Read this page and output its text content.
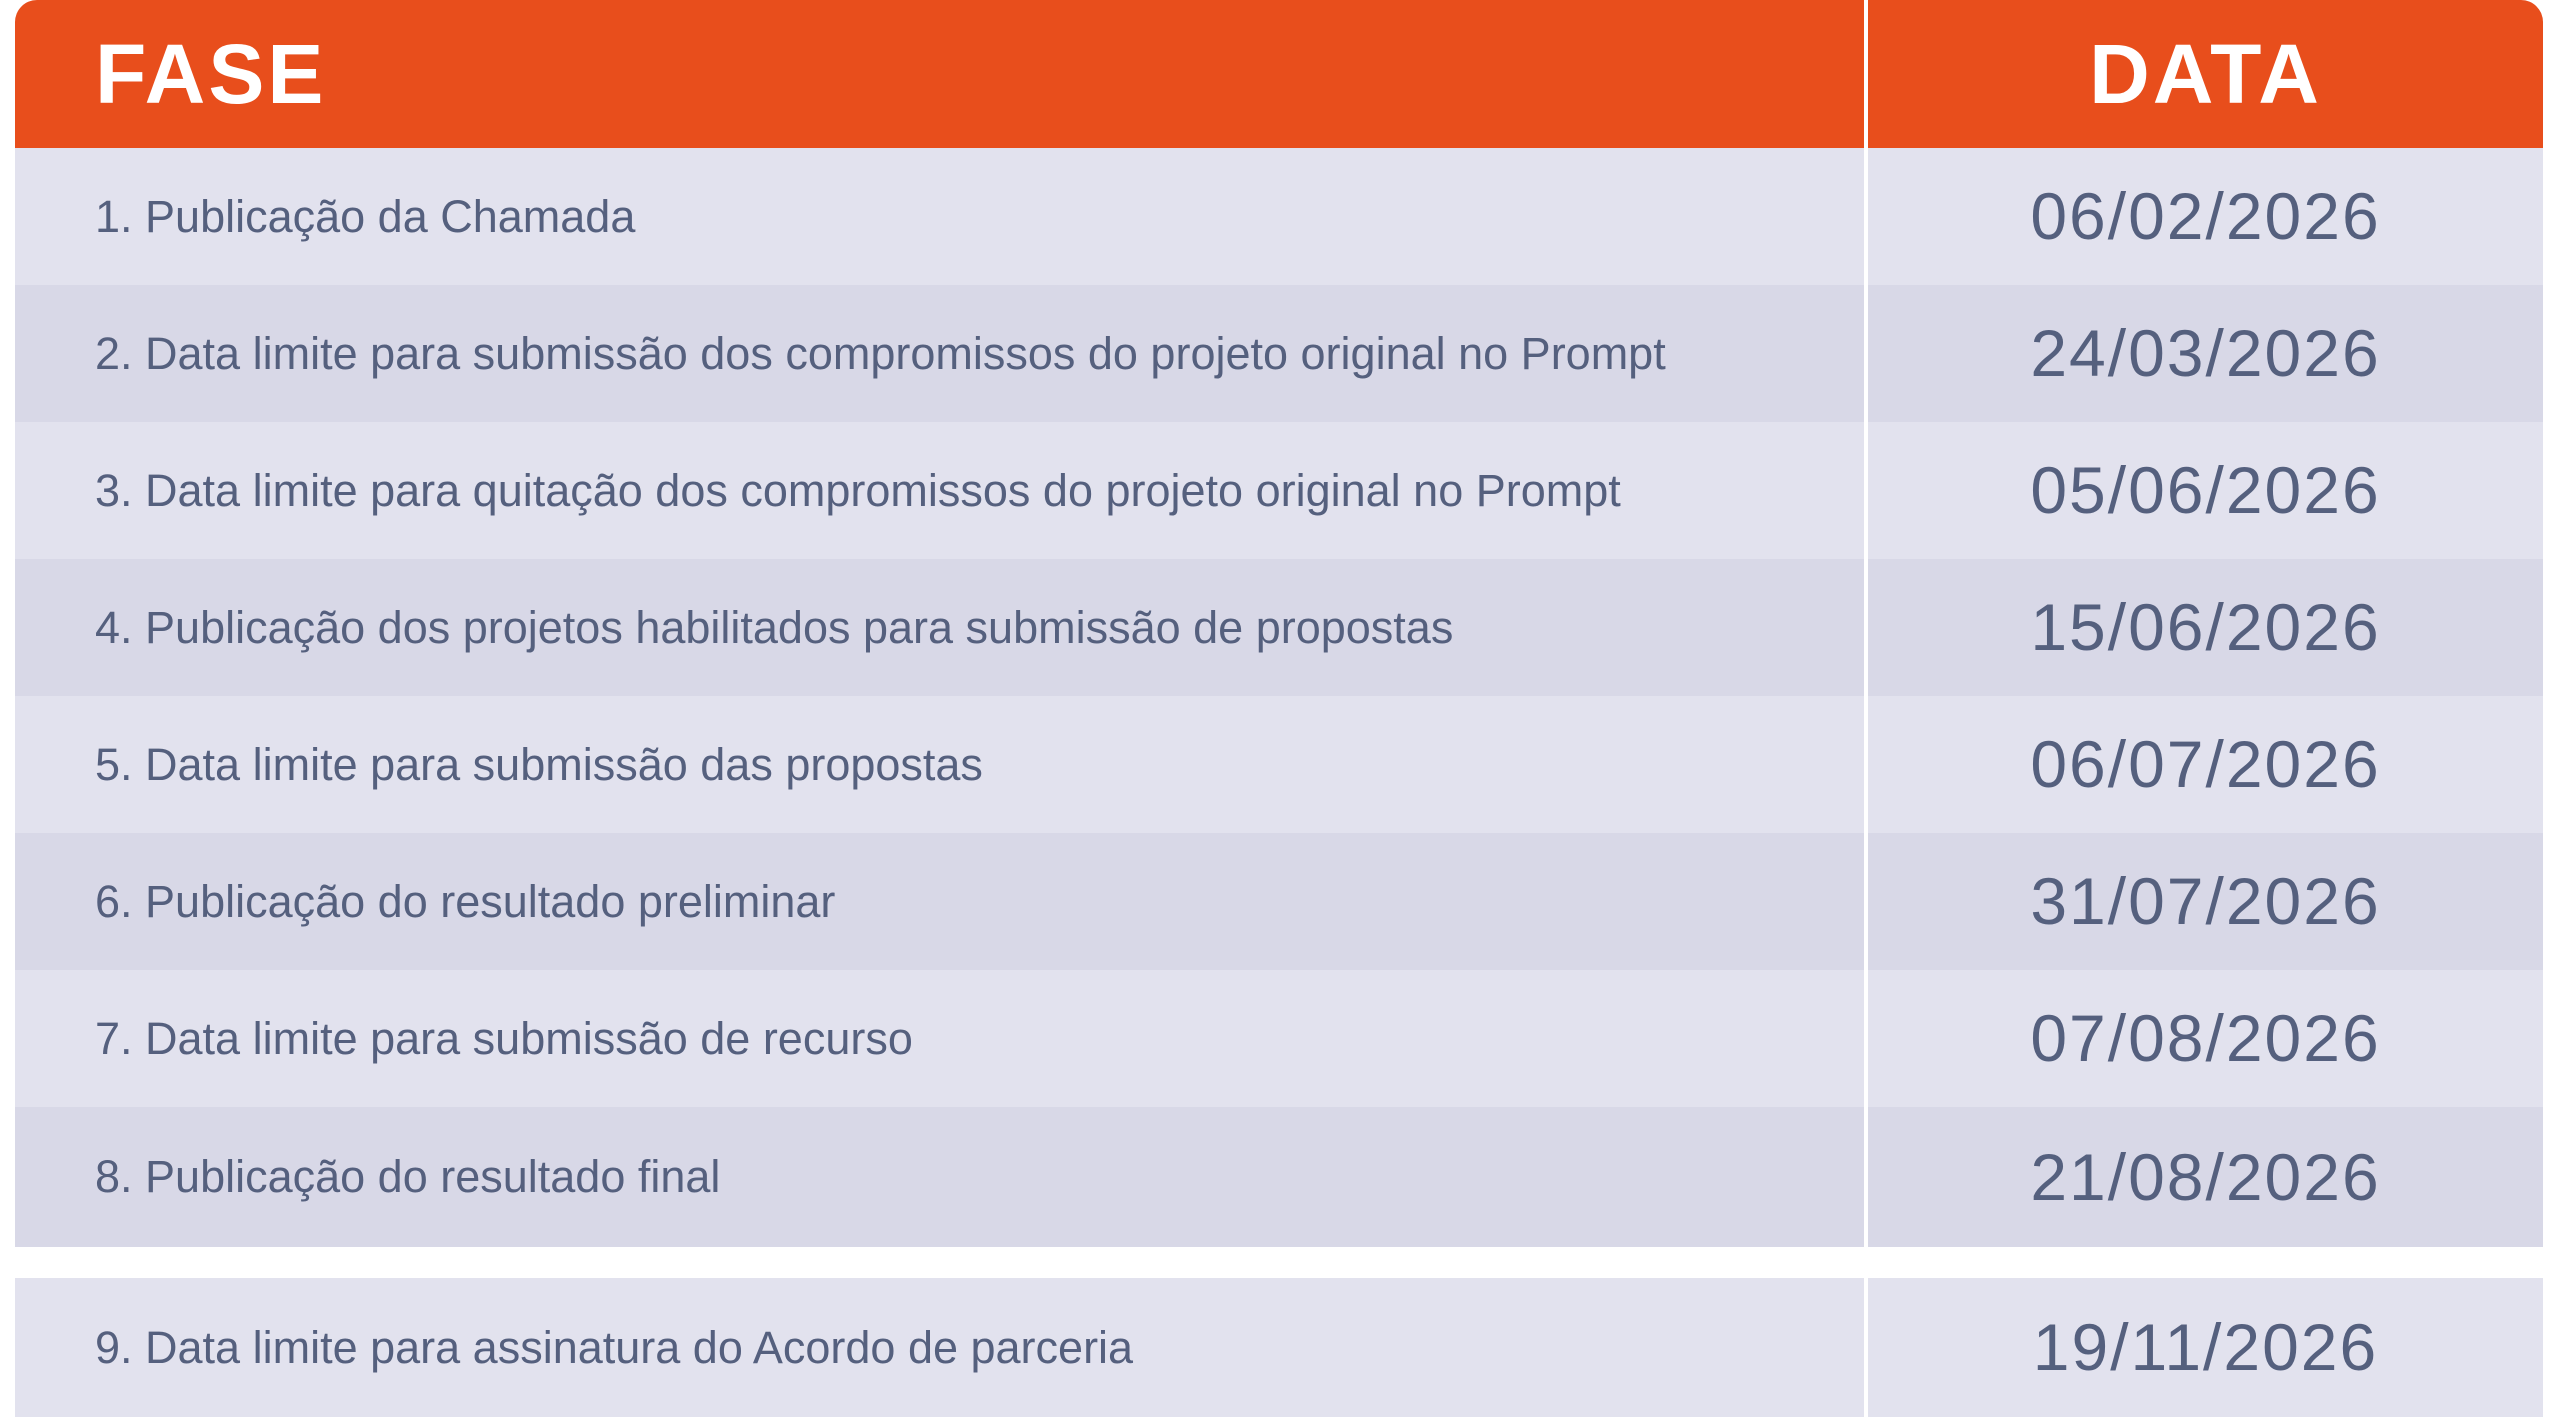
FASE	DATA
1. Publicação da Chamada	06/02/2026
2. Data limite para submissão dos compromissos do projeto original no Prompt	24/03/2026
3. Data limite para quitação dos compromissos do projeto original no Prompt	05/06/2026
4. Publicação dos projetos habilitados para submissão de propostas	15/06/2026
5. Data limite para submissão das propostas	06/07/2026
6. Publicação do resultado preliminar	31/07/2026
7. Data limite para submissão de recurso	07/08/2026
8. Publicação do resultado final	21/08/2026
9. Data limite para assinatura do Acordo de parceria	19/11/2026
